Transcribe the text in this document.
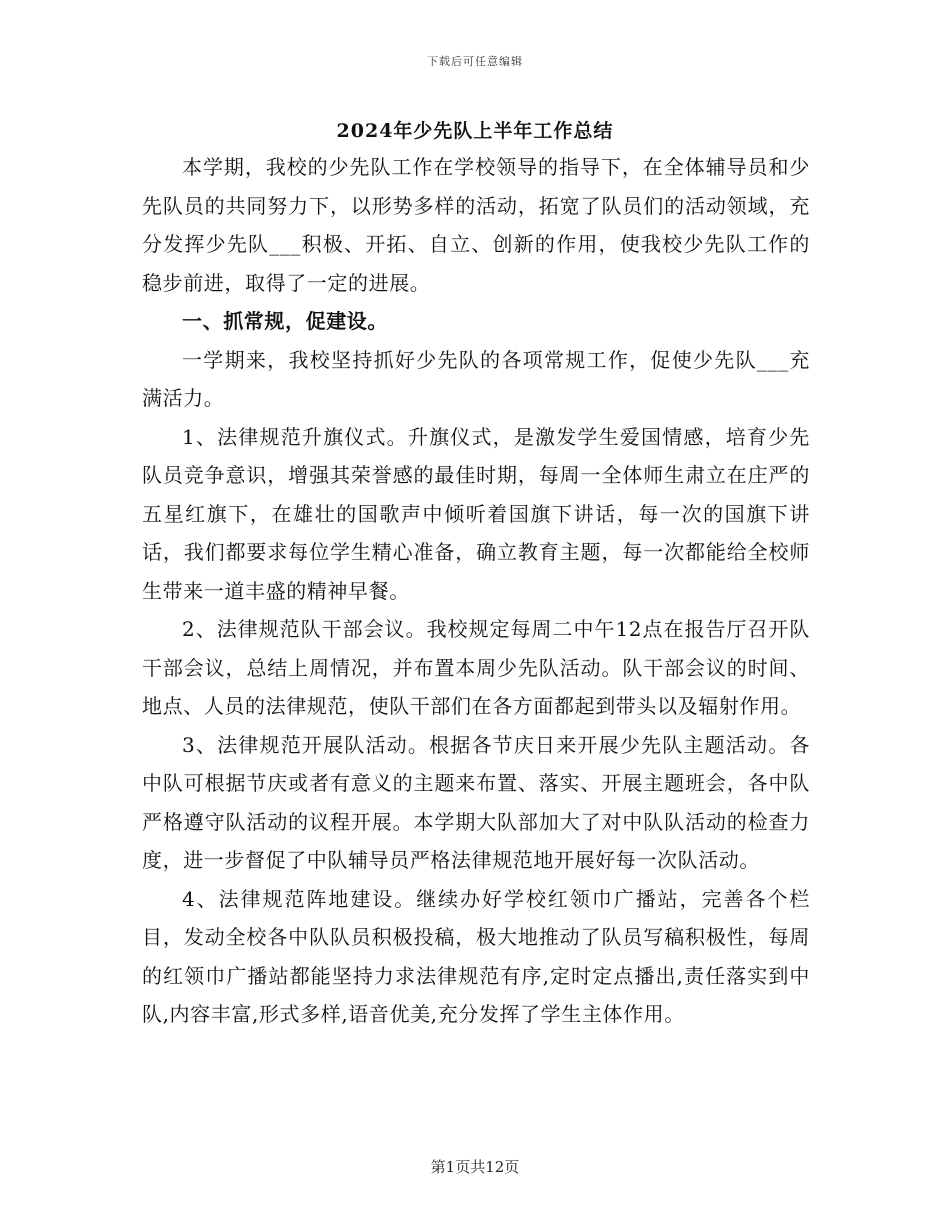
下载后可任意编辑
2024年少先队上半年工作总结

本学期，我校的少先队工作在学校领导的指导下，在全体辅导员和少先队员的共同努力下，以形势多样的活动，拓宽了队员们的活动领域，充分发挥少先队___积极、开拓、自立、创新的作用，使我校少先队工作的稳步前进，取得了一定的进展。

一、抓常规，促建设。

一学期来，我校坚持抓好少先队的各项常规工作，促使少先队___充满活力。

1、法律规范升旗仪式。升旗仪式，是激发学生爱国情感，培育少先队员竞争意识，增强其荣誉感的最佳时期，每周一全体师生肃立在庄严的五星红旗下，在雄壮的国歌声中倾听着国旗下讲话，每一次的国旗下讲话，我们都要求每位学生精心准备，确立教育主题，每一次都能给全校师生带来一道丰盛的精神早餐。

2、法律规范队干部会议。我校规定每周二中午12点在报告厅召开队干部会议，总结上周情况，并布置本周少先队活动。队干部会议的时间、地点、人员的法律规范，使队干部们在各方面都起到带头以及辐射作用。

3、法律规范开展队活动。根据各节庆日来开展少先队主题活动。各中队可根据节庆或者有意义的主题来布置、落实、开展主题班会，各中队严格遵守队活动的议程开展。本学期大队部加大了对中队队活动的检查力度，进一步督促了中队辅导员严格法律规范地开展好每一次队活动。

4、法律规范阵地建设。继续办好学校红领巾广播站，完善各个栏目，发动全校各中队队员积极投稿，极大地推动了队员写稿积极性，每周的红领巾广播站都能坚持力求法律规范有序,定时定点播出,责任落实到中队,内容丰富,形式多样,语音优美,充分发挥了学生主体作用。

第1页共12页
